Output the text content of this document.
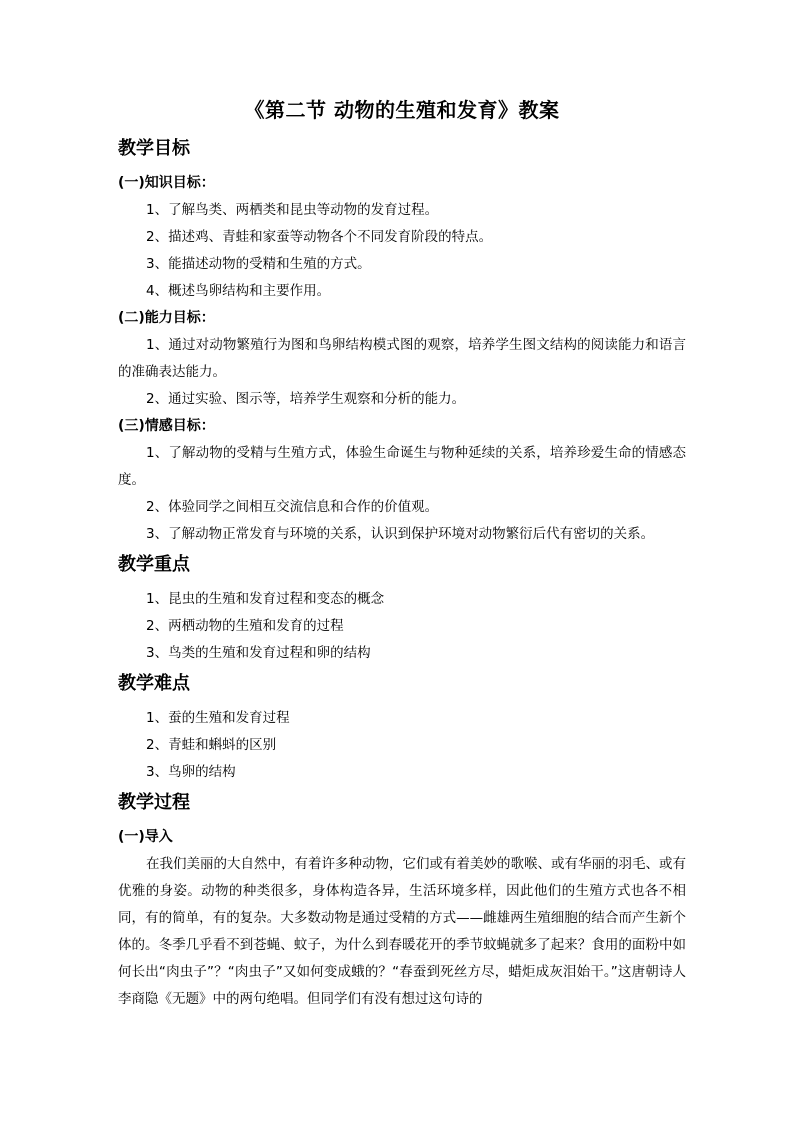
《第二节 动物的生殖和发育》教案
教学目标
(一)知识目标：

1、了解鸟类、两栖类和昆虫等动物的发育过程。

2、描述鸡、青蛙和家蚕等动物各个不同发育阶段的特点。

3、能描述动物的受精和生殖的方式。

4、概述鸟卵结构和主要作用。

(二)能力目标：

1、通过对动物繁殖行为图和鸟卵结构模式图的观察，培养学生图文结构的阅读能力和语言的准确表达能力。

2、通过实验、图示等，培养学生观察和分析的能力。

(三)情感目标：

1、了解动物的受精与生殖方式，体验生命诞生与物种延续的关系，培养珍爱生命的情感态度。

2、体验同学之间相互交流信息和合作的价值观。

3、了解动物正常发育与环境的关系，认识到保护环境对动物繁衍后代有密切的关系。

教学重点

1、昆虫的生殖和发育过程和变态的概念

2、两栖动物的生殖和发育的过程

3、鸟类的生殖和发育过程和卵的结构

教学难点

1、蚕的生殖和发育过程

2、青蛙和蝌蚪的区别

3、鸟卵的结构

教学过程
(一)导入

在我们美丽的大自然中，有着许多种动物，它们或有着美妙的歌喉、或有华丽的羽毛、或有优雅的身姿。动物的种类很多，身体构造各异，生活环境多样，因此他们的生殖方式也各不相同，有的简单，有的复杂。大多数动物是通过受精的方式——雌雄两生殖细胞的结合而产生新个体的。冬季几乎看不到苍蝇、蚊子，为什么到春暖花开的季节蚊蝇就多了起来？食用的面粉中如何长出“肉虫子”？“肉虫子”又如何变成蛾的？“春蚕到死丝方尽，蜡炬成灰泪始干。”这唐朝诗人李商隐《无题》中的两句绝唱。但同学们有没有想过这句诗的
